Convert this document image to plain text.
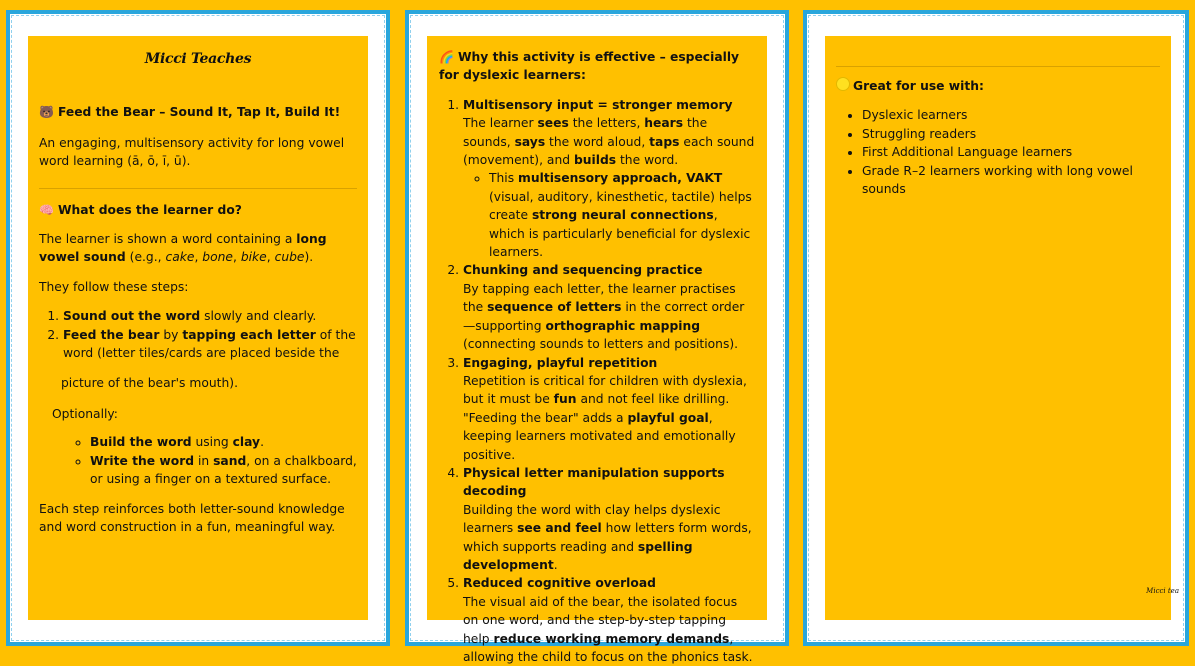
Micci Teaches

🐻 Feed the Bear – Sound It, Tap It, Build It!

An engaging, multisensory activity for long vowel word learning (ā, ō, ī, ū).

🧠 What does the learner do?

The learner is shown a word containing a long vowel sound (e.g., cake, bone, bike, cube).

They follow these steps:

1. Sound out the word slowly and clearly.
2. Feed the bear by tapping each letter of the word (letter tiles/cards are placed beside the

picture of the bear's mouth).

Optionally:

◦ Build the word using clay.
◦ Write the word in sand, on a chalkboard, or using a finger on a textured surface.

Each step reinforces both letter-sound knowledge and word construction in a fun, meaningful way.

🌈 Why this activity is effective – especially for dyslexic learners:

1. Multisensory input = stronger memory
The learner sees the letters, hears the sounds, says the word aloud, taps each sound (movement), and builds the word.
◦ This multisensory approach, VAKT (visual, auditory, kinesthetic, tactile) helps create strong neural connections, which is particularly beneficial for dyslexic learners.
2. Chunking and sequencing practice
By tapping each letter, the learner practises the sequence of letters in the correct order—supporting orthographic mapping (connecting sounds to letters and positions).
3. Engaging, playful repetition
Repetition is critical for children with dyslexia, but it must be fun and not feel like drilling. "Feeding the bear" adds a playful goal, keeping learners motivated and emotionally positive.
4. Physical letter manipulation supports decoding
Building the word with clay helps dyslexic learners see and feel how letters form words, which supports reading and spelling development.
5. Reduced cognitive overload
The visual aid of the bear, the isolated focus on one word, and the step-by-step tapping help reduce working memory demands, allowing the child to focus on the phonics task.

Great for use with:

• Dyslexic learners
• Struggling readers
• First Additional Language learners
• Grade R–2 learners working with long vowel sounds
Micci tea
